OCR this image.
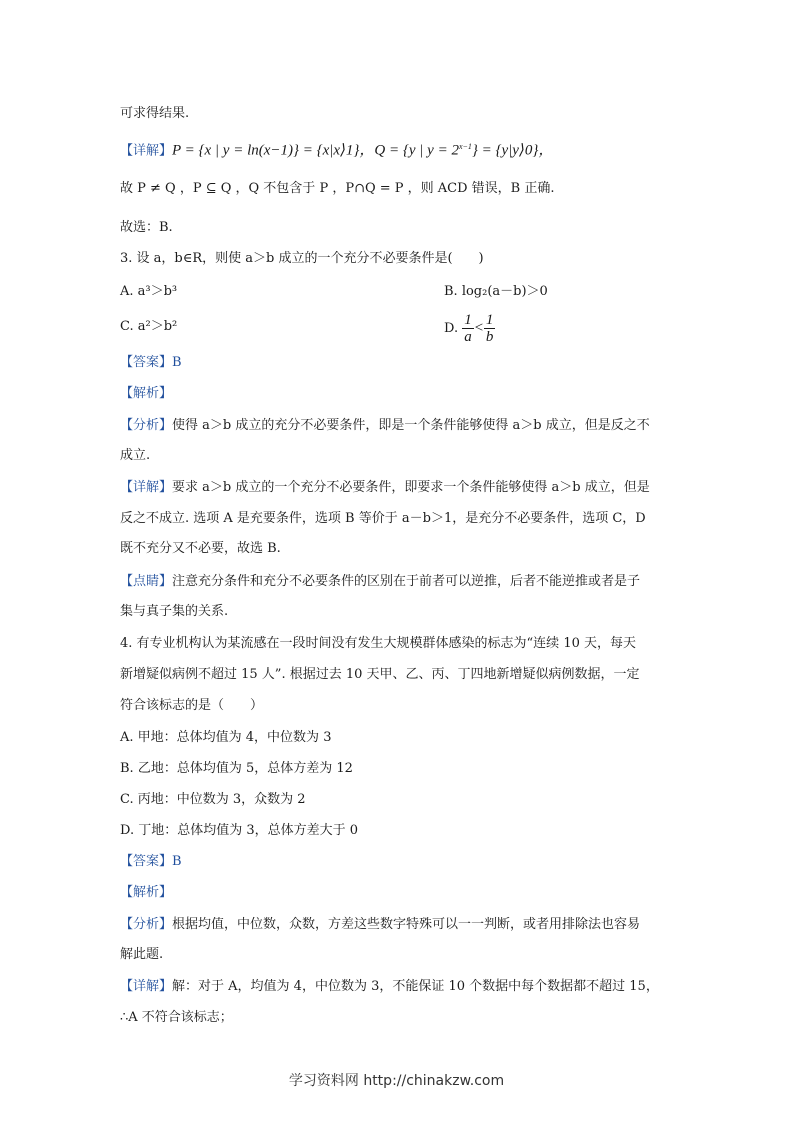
可求得结果.
【详解】P = {x | y = ln(x−1)} = {x|x⟩1}，Q = {y | $y = 2^{x-1}$} = {y|y⟩0}，
故 P ≠ Q ，P ⊆ Q ，Q 不包含于 P ，P∩Q = P ，则 ACD 错误，B 正确.
故选：B.
3. 设 a，b∈R，则使 a＞b 成立的一个充分不必要条件是(　　)
A. a³＞b³	B. log₂(a－b)＞0
C. a²＞b²	D. $\frac{1}{a} < \frac{1}{b}$
【答案】B
【解析】
【分析】使得 a＞b 成立的充分不必要条件，即是一个条件能够使得 a＞b 成立，但是反之不
成立.
【详解】要求 a＞b 成立的一个充分不必要条件，即要求一个条件能够使得 a＞b 成立，但是
反之不成立. 选项 A 是充要条件，选项 B 等价于 a－b＞1，是充分不必要条件，选项 C，D
既不充分又不必要，故选 B.
【点睛】注意充分条件和充分不必要条件的区别在于前者可以逆推，后者不能逆推或者是子
集与真子集的关系.
4. 有专业机构认为某流感在一段时间没有发生大规模群体感染的标志为“连续 10 天，每天
新增疑似病例不超过 15 人”. 根据过去 10 天甲、乙、丙、丁四地新增疑似病例数据，一定
符合该标志的是（　　）
A. 甲地：总体均值为 4，中位数为 3
B. 乙地：总体均值为 5，总体方差为 12
C. 丙地：中位数为 3，众数为 2
D. 丁地：总体均值为 3，总体方差大于 0
【答案】B
【解析】
【分析】根据均值，中位数，众数，方差这些数字特殊可以一一判断，或者用排除法也容易
解此题.
【详解】解：对于 A，均值为 4，中位数为 3，不能保证 10 个数据中每个数据都不超过 15，
∴A 不符合该标志；
学习资料网 http://chinakzw.com
